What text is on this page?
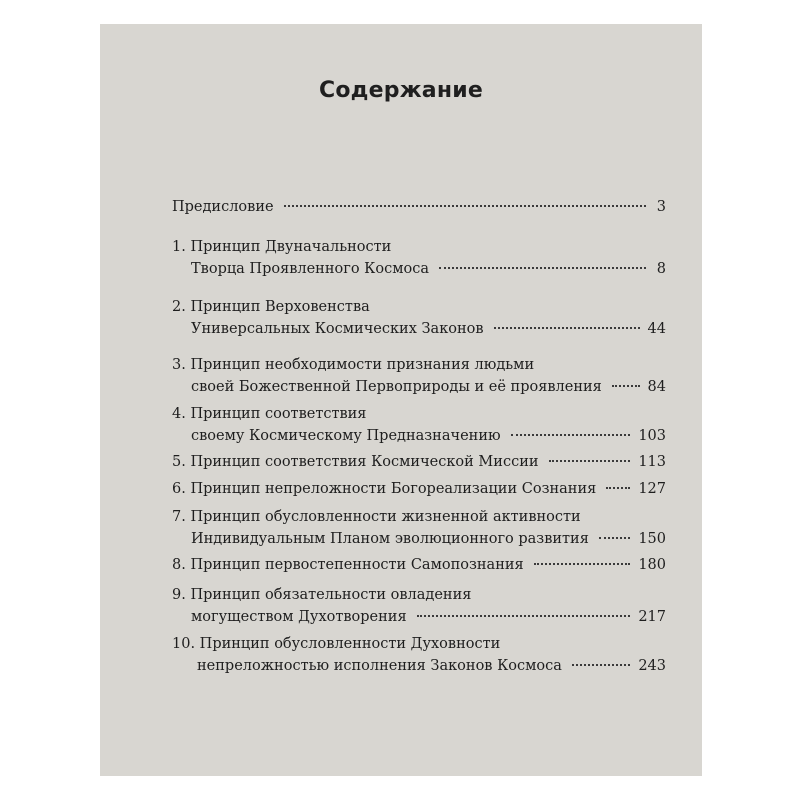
Содержание
Предисловие	3
1.
Принцип Двуначальности
Творца Проявленного Космоса	8
2.
Принцип Верховенства
Универсальных Космических Законов	44
3.
Принцип необходимости признания людьми
своей Божественной Первоприроды и её проявления	84
4.
Принцип соответствия
своему Космическому Предназначению	103
5.
Принцип соответствия Космической Миссии	113
6.
Принцип непреложности Богореализации Сознания	127
7.
Принцип обусловленности жизненной активности
Индивидуальным Планом эволюционного развития	150
8.
Принцип первостепенности Самопознания	180
9.
Принцип обязательности овладения
могуществом Духотворения	217
10.
Принцип обусловленности Духовности
непреложностью исполнения Законов Космоса	243
